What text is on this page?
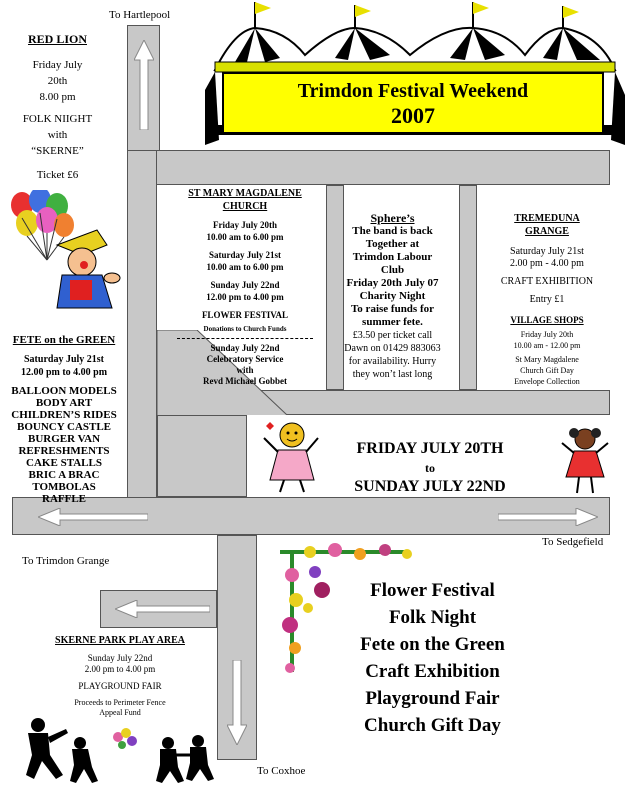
To Hartlepool
To Trimdon Grange
To Sedgefield
To Coxhoe
Trimdon Festival Weekend
2007
RED LION
Friday July
20th
8.00 pm
FOLK NIIGHT
with
“SKERNE”
Ticket £6
FETE on the GREEN
Saturday July 21st
12.00 pm to 4.00 pm
BALLOON MODELS
BODY ART
CHILDREN’S RIDES
BOUNCY CASTLE
BURGER VAN
REFRESHMENTS
CAKE STALLS
BRIC A BRAC
TOMBOLAS
RAFFLE
ST MARY MAGDALENE
CHURCH
Friday July 20th
10.00 am to 6.00 pm
Saturday July 21st
10.00 am to 6.00 pm
Sunday July 22nd
12.00 pm to 4.00 pm
FLOWER FESTIVAL
Donations to Church Funds
Sunday July 22nd
Celebratory Service
with
Revd Michael Gobbet
Sphere’s
The band is back
Together at
Trimdon Labour
Club
Friday 20th July 07
Charity Night
To raise funds for
summer fete.
£3.50 per ticket call
Dawn on 01429 883063
for availability. Hurry
they won’t last long
TREMEDUNA
GRANGE
Saturday July 21st
2.00 pm - 4.00 pm
CRAFT EXHIBITION
Entry £1
VILLAGE SHOPS
Friday July 20th
10.00 am - 12.00 pm
St Mary Magdalene
Church Gift Day
Envelope Collection
FRIDAY JULY 20TH
to
SUNDAY JULY 22ND
Flower Festival
Folk Night
Fete on the Green
Craft Exhibition
Playground Fair
Church Gift Day
SKERNE PARK PLAY AREA
Sunday July 22nd
2.00 pm to 4.00 pm
PLAYGROUND FAIR
Proceeds to Perimeter Fence
Appeal Fund
